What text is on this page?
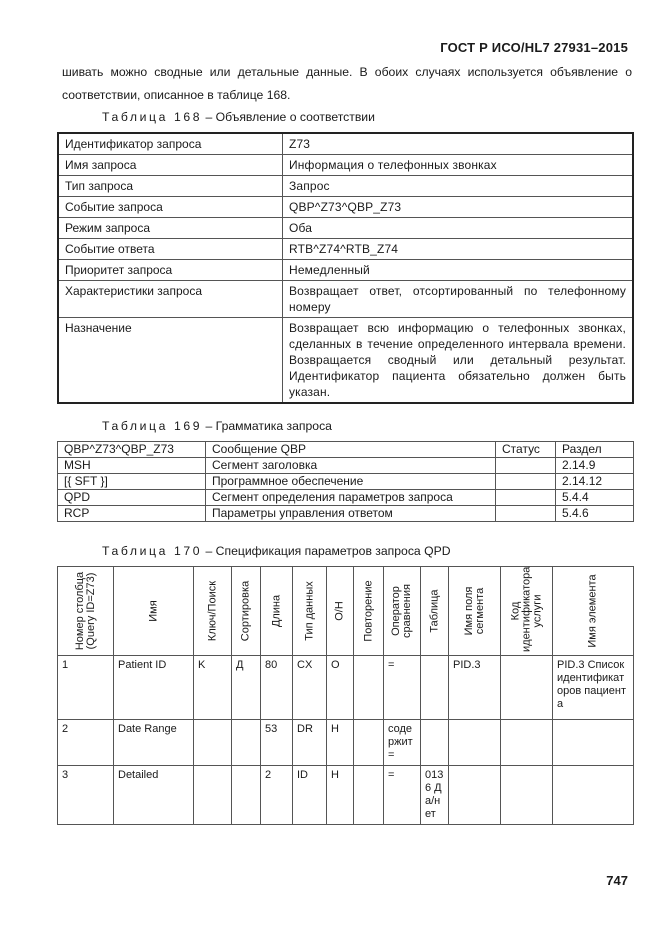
ГОСТ Р ИСО/HL7 27931–2015
шивать можно сводные или детальные данные. В обоих случаях используется объявление о соответствии, описанное в таблице 168.
Таблица 168 – Объявление о соответствии
Идентификатор запроса	Z73
Имя запроса	Информация о телефонных звонках
Тип запроса	Запрос
Событие запроса	QBP^Z73^QBP_Z73
Режим запроса	Оба
Событие ответа	RTB^Z74^RTB_Z74
Приоритет запроса	Немедленный
Характеристики запроса	Возвращает ответ, отсортированный по телефонному номеру
Назначение	Возвращает всю информацию о телефонных звонках, сделанных в течение определенного интервала времени. Возвращается сводный или детальный результат. Идентификатор пациента обязательно должен быть указан.
Таблица 169 – Грамматика запроса
QBP^Z73^QBP_Z73	Сообщение QBP	Статус	Раздел
MSH	Сегмент заголовка		2.14.9
[{ SFT }]	Программное обеспечение		2.14.12
QPD	Сегмент определения параметров запроса		5.4.4
RCP	Параметры управления ответом		5.4.6
Таблица 170 – Спецификация параметров запроса QPD
Номер столбца (Query ID=Z73)	Имя	Ключ/Поиск	Сортировка	Длина	Тип данных	О/Н	Повторение	Оператор сравнения	Таблица	Имя поля сегмента	Код идентификатора услуги	Имя элемента

1	Patient ID	K	Д	80	CX	O		=		PID.3		PID.3 Список идентификаторов пациента
2	Date Range			53	DR	H		содержит=				
3	Detailed			2	ID	H		=	0136 Да/нет			
747
